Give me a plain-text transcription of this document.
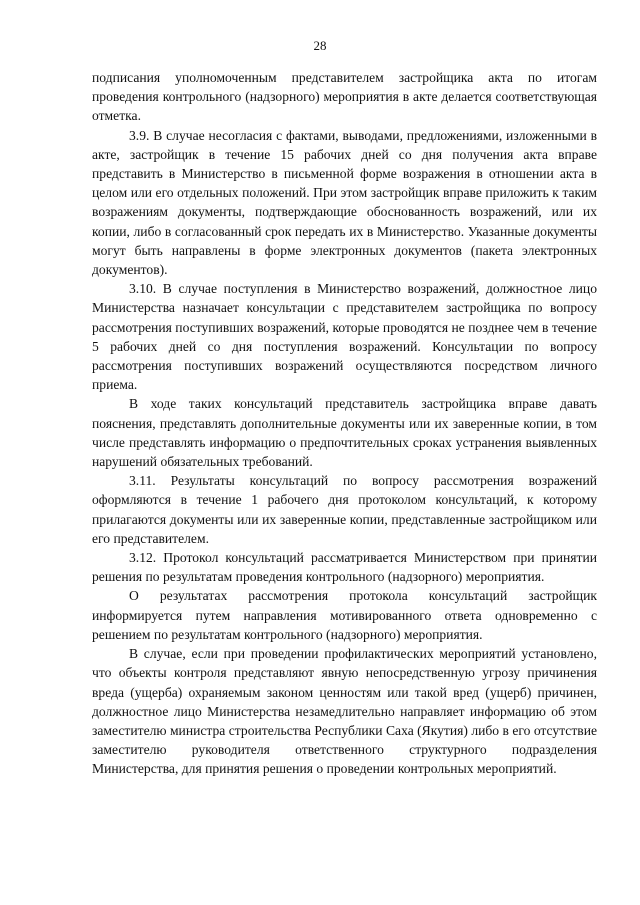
28

подписания уполномоченным представителем застройщика акта по итогам проведения контрольного (надзорного) мероприятия в акте делается соответствующая отметка.

3.9. В случае несогласия с фактами, выводами, предложениями, изложенными в акте, застройщик в течение 15 рабочих дней со дня получения акта вправе представить в Министерство в письменной форме возражения в отношении акта в целом или его отдельных положений. При этом застройщик вправе приложить к таким возражениям документы, подтверждающие обоснованность возражений, или их копии, либо в согласованный срок передать их в Министерство. Указанные документы могут быть направлены в форме электронных документов (пакета электронных документов).

3.10. В случае поступления в Министерство возражений, должностное лицо Министерства назначает консультации с представителем застройщика по вопросу рассмотрения поступивших возражений, которые проводятся не позднее чем в течение 5 рабочих дней со дня поступления возражений. Консультации по вопросу рассмотрения поступивших возражений осуществляются посредством личного приема.

В ходе таких консультаций представитель застройщика вправе давать пояснения, представлять дополнительные документы или их заверенные копии, в том числе представлять информацию о предпочтительных сроках устранения выявленных нарушений обязательных требований.

3.11. Результаты консультаций по вопросу рассмотрения возражений оформляются в течение 1 рабочего дня протоколом консультаций, к которому прилагаются документы или их заверенные копии, представленные застройщиком или его представителем.

3.12. Протокол консультаций рассматривается Министерством при принятии решения по результатам проведения контрольного (надзорного) мероприятия.

О результатах рассмотрения протокола консультаций застройщик информируется путем направления мотивированного ответа одновременно с решением по результатам контрольного (надзорного) мероприятия.

В случае, если при проведении профилактических мероприятий установлено, что объекты контроля представляют явную непосредственную угрозу причинения вреда (ущерба) охраняемым законом ценностям или такой вред (ущерб) причинен, должностное лицо Министерства незамедлительно направляет информацию об этом заместителю министра строительства Республики Саха (Якутия) либо в его отсутствие заместителю руководителя ответственного структурного подразделения Министерства, для принятия решения о проведении контрольных мероприятий.
